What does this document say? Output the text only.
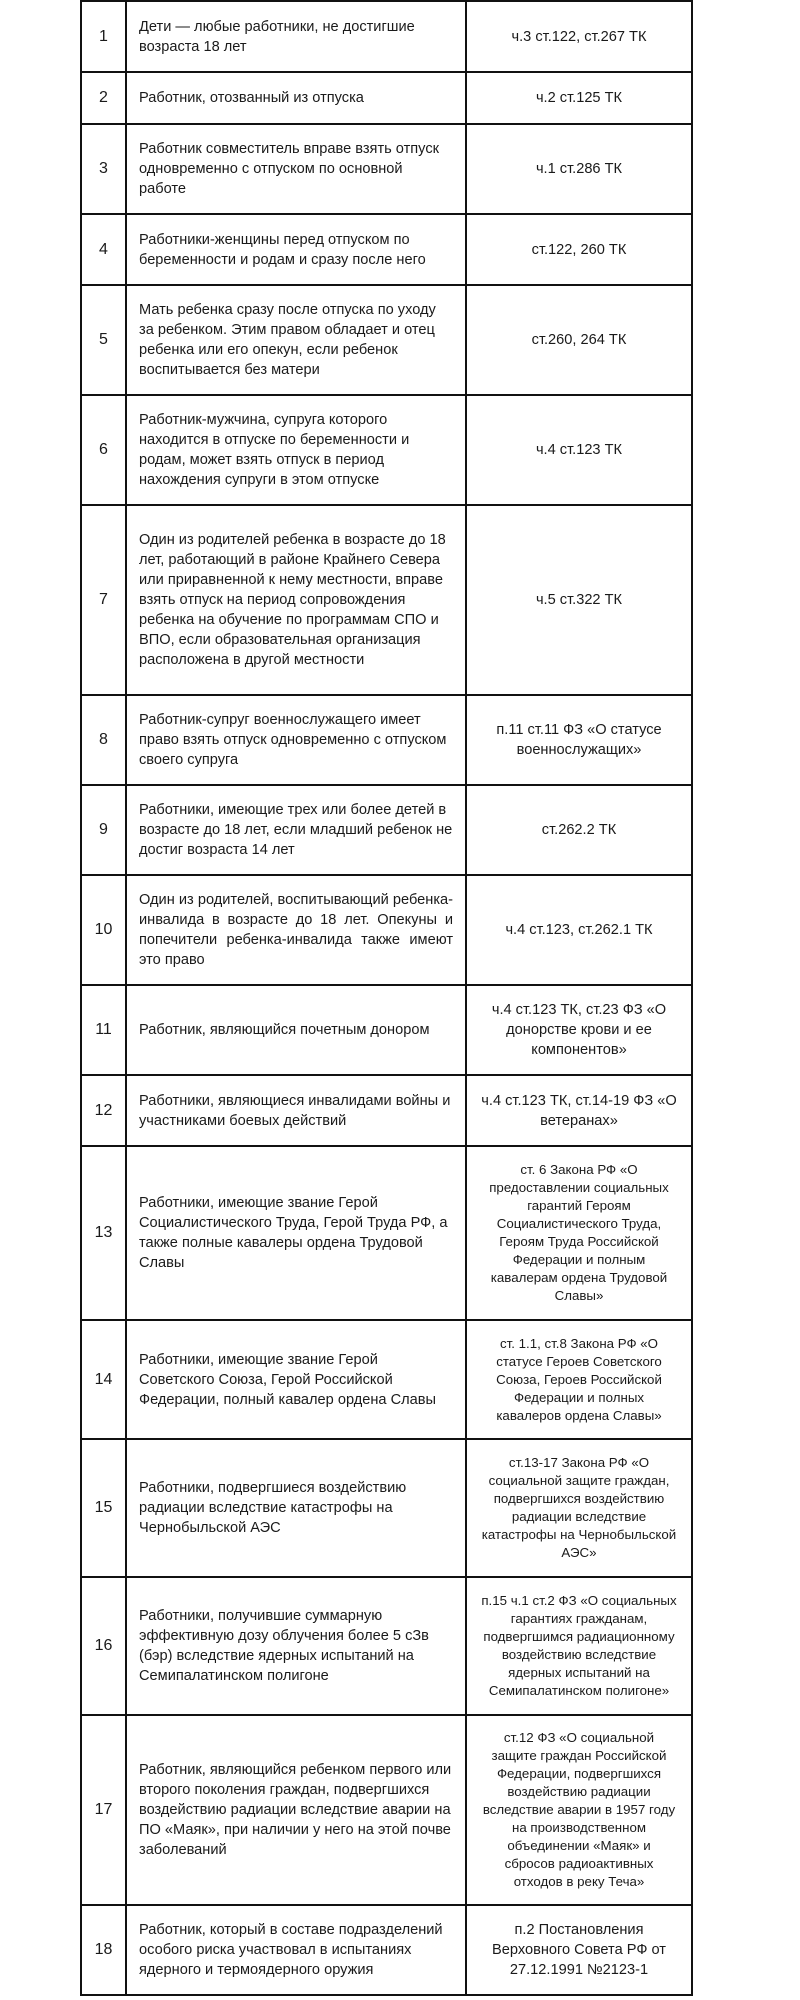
1	Дети — любые работники, не достигшие возраста 18 лет	ч.3 ст.122, ст.267 ТК
2	Работник, отозванный из отпуска	ч.2 ст.125 ТК
3	Работник совместитель вправе взять отпуск одновременно с отпуском по основной работе	ч.1 ст.286 ТК
4	Работники-женщины перед отпуском по беременности и родам и сразу после него	ст.122, 260 ТК
5	Мать ребенка сразу после отпуска по уходу за ребенком. Этим правом обладает и отец ребенка или его опекун, если ребенок воспитывается без матери	ст.260, 264 ТК
6	Работник-мужчина, супруга которого находится в отпуске по беременности и родам, может взять отпуск в период нахождения супруги в этом отпуске	ч.4 ст.123 ТК
7	Один из родителей ребенка в возрасте до 18 лет, работающий в районе Крайнего Севера или приравненной к нему местности, вправе взять отпуск на период сопровождения ребенка на обучение по программам СПО и ВПО, если образовательная организация расположена в другой местности	ч.5 ст.322 ТК
8	Работник-супруг военнослужащего имеет право взять отпуск одновременно с отпуском своего супруга	п.11 ст.11 ФЗ «О статусе военнослужащих»
9	Работники, имеющие трех или более детей в возрасте до 18 лет, если младший ребенок не достиг возраста 14 лет	ст.262.2 ТК
10	Один из родителей, воспитывающий ребенка-инвалида в возрасте до 18 лет. Опекуны и попечители ребенка-инвалида также имеют это право	ч.4 ст.123, ст.262.1 ТК
11	Работник, являющийся почетным донором	ч.4 ст.123 ТК, ст.23 ФЗ «О донорстве крови и ее компонентов»
12	Работники, являющиеся инвалидами войны и участниками боевых действий	ч.4 ст.123 ТК, ст.14-19 ФЗ «О ветеранах»
13	Работники, имеющие звание Герой Социалистического Труда, Герой Труда РФ, а также полные кавалеры ордена Трудовой Славы	ст. 6 Закона РФ «О предоставлении социальных гарантий Героям Социалистического Труда, Героям Труда Российской Федерации и полным кавалерам ордена Трудовой Славы»
14	Работники, имеющие звание Герой Советского Союза, Герой Российской Федерации, полный кавалер ордена Славы	ст. 1.1, ст.8 Закона РФ «О статусе Героев Советского Союза, Героев Российской Федерации и полных кавалеров ордена Славы»
15	Работники, подвергшиеся воздействию радиации вследствие катастрофы на Чернобыльской АЭС	ст.13-17 Закона РФ «О социальной защите граждан, подвергшихся воздействию радиации вследствие катастрофы на Чернобыльской АЭС»
16	Работники, получившие суммарную эффективную дозу облучения более 5 сЗв (бэр) вследствие ядерных испытаний на Семипалатинском полигоне	п.15 ч.1 ст.2 ФЗ «О социальных гарантиях гражданам, подвергшимся радиационному воздействию вследствие ядерных испытаний на Семипалатинском полигоне»
17	Работник, являющийся ребенком первого или второго поколения граждан, подвергшихся воздействию радиации вследствие аварии на ПО «Маяк», при наличии у него на этой почве заболеваний	ст.12 ФЗ «О социальной защите граждан Российской Федерации, подвергшихся воздействию радиации вследствие аварии в 1957 году на производственном объединении «Маяк» и сбросов радиоактивных отходов в реку Теча»
18	Работник, который в составе подразделений особого риска участвовал в испытаниях ядерного и термоядерного оружия	п.2 Постановления Верховного Совета РФ от 27.12.1991 №2123-1
